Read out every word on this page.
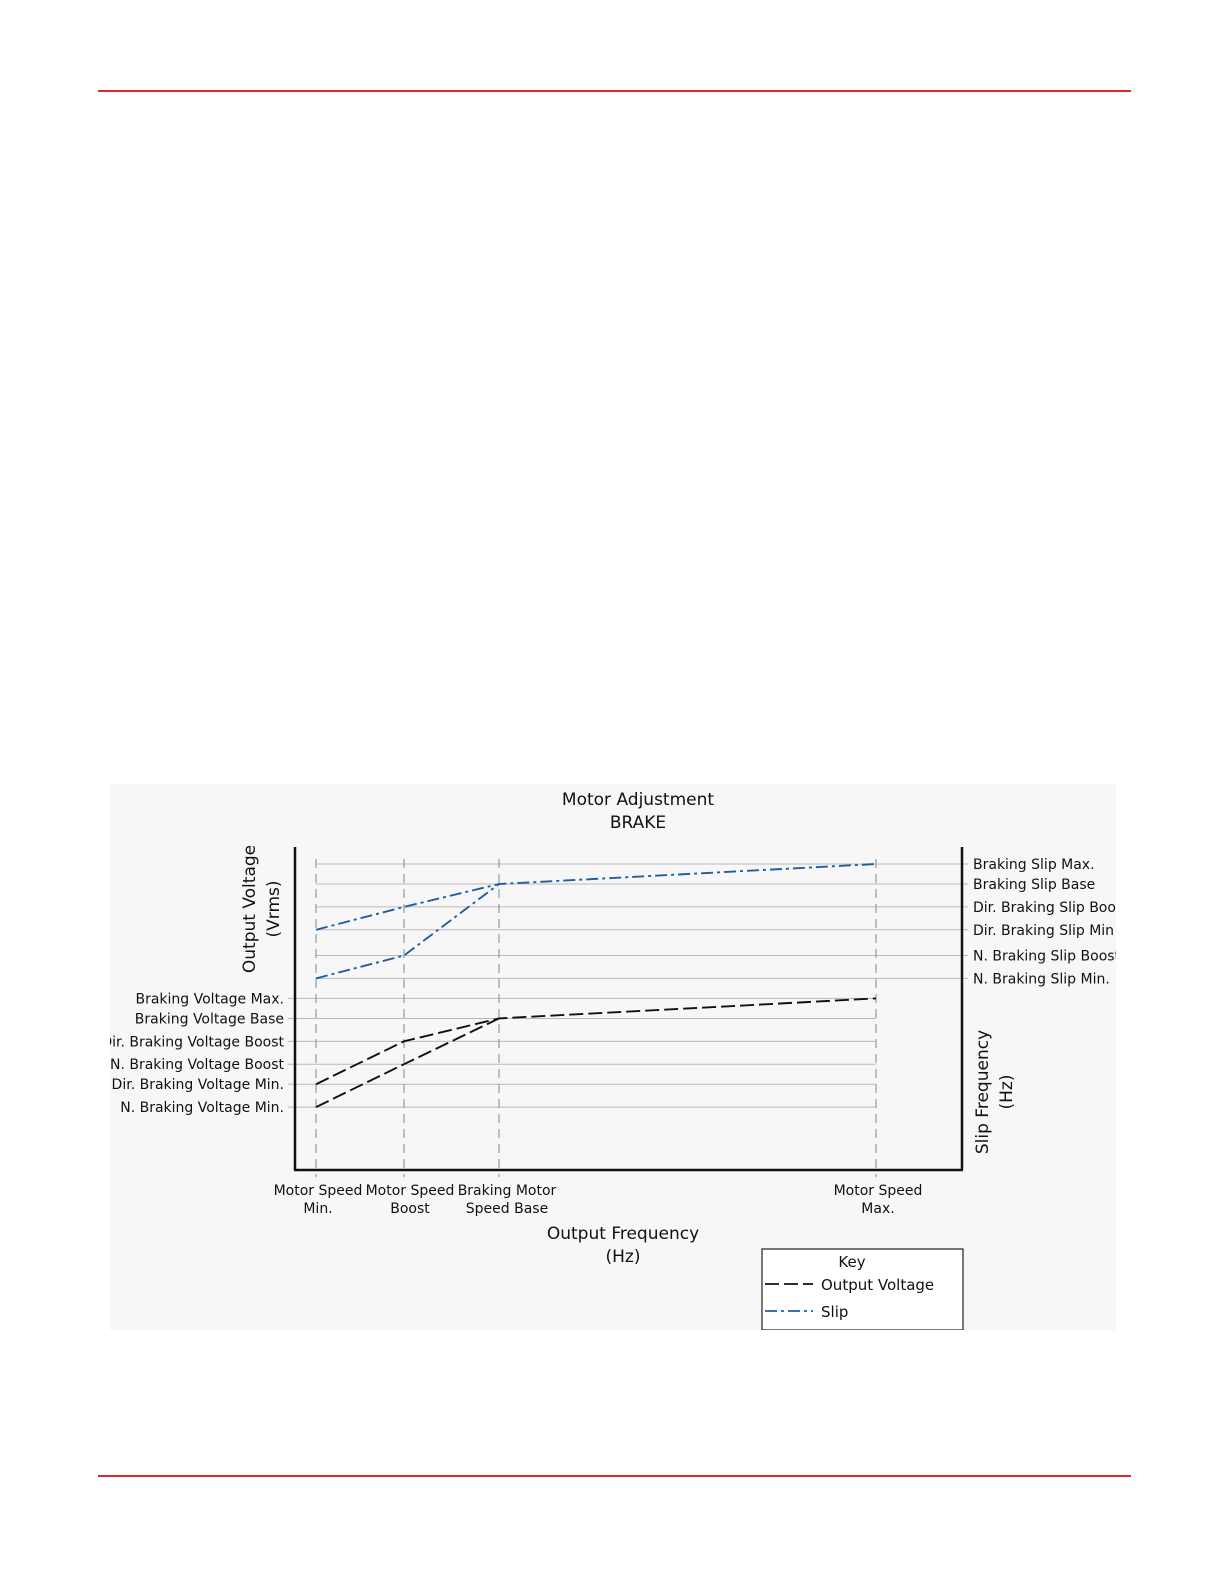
Motor Adjustment
BRAKE
Output Voltage (Vrms)
Slip Frequency (Hz)
Output Frequency
(Hz)
Motor Speed
Min.
Motor Speed
Boost
Braking Motor
Speed Base
Motor Speed
Max.
Braking Voltage Max.
Braking Voltage Base
Dir. Braking Voltage Boost
N. Braking Voltage Boost
Dir. Braking Voltage Min.
N. Braking Voltage Min.
Braking Slip Max.
Braking Slip Base
Dir. Braking Slip Boost
Dir. Braking Slip Min
N. Braking Slip Boost
N. Braking Slip Min.
Key
Output Voltage
Slip
